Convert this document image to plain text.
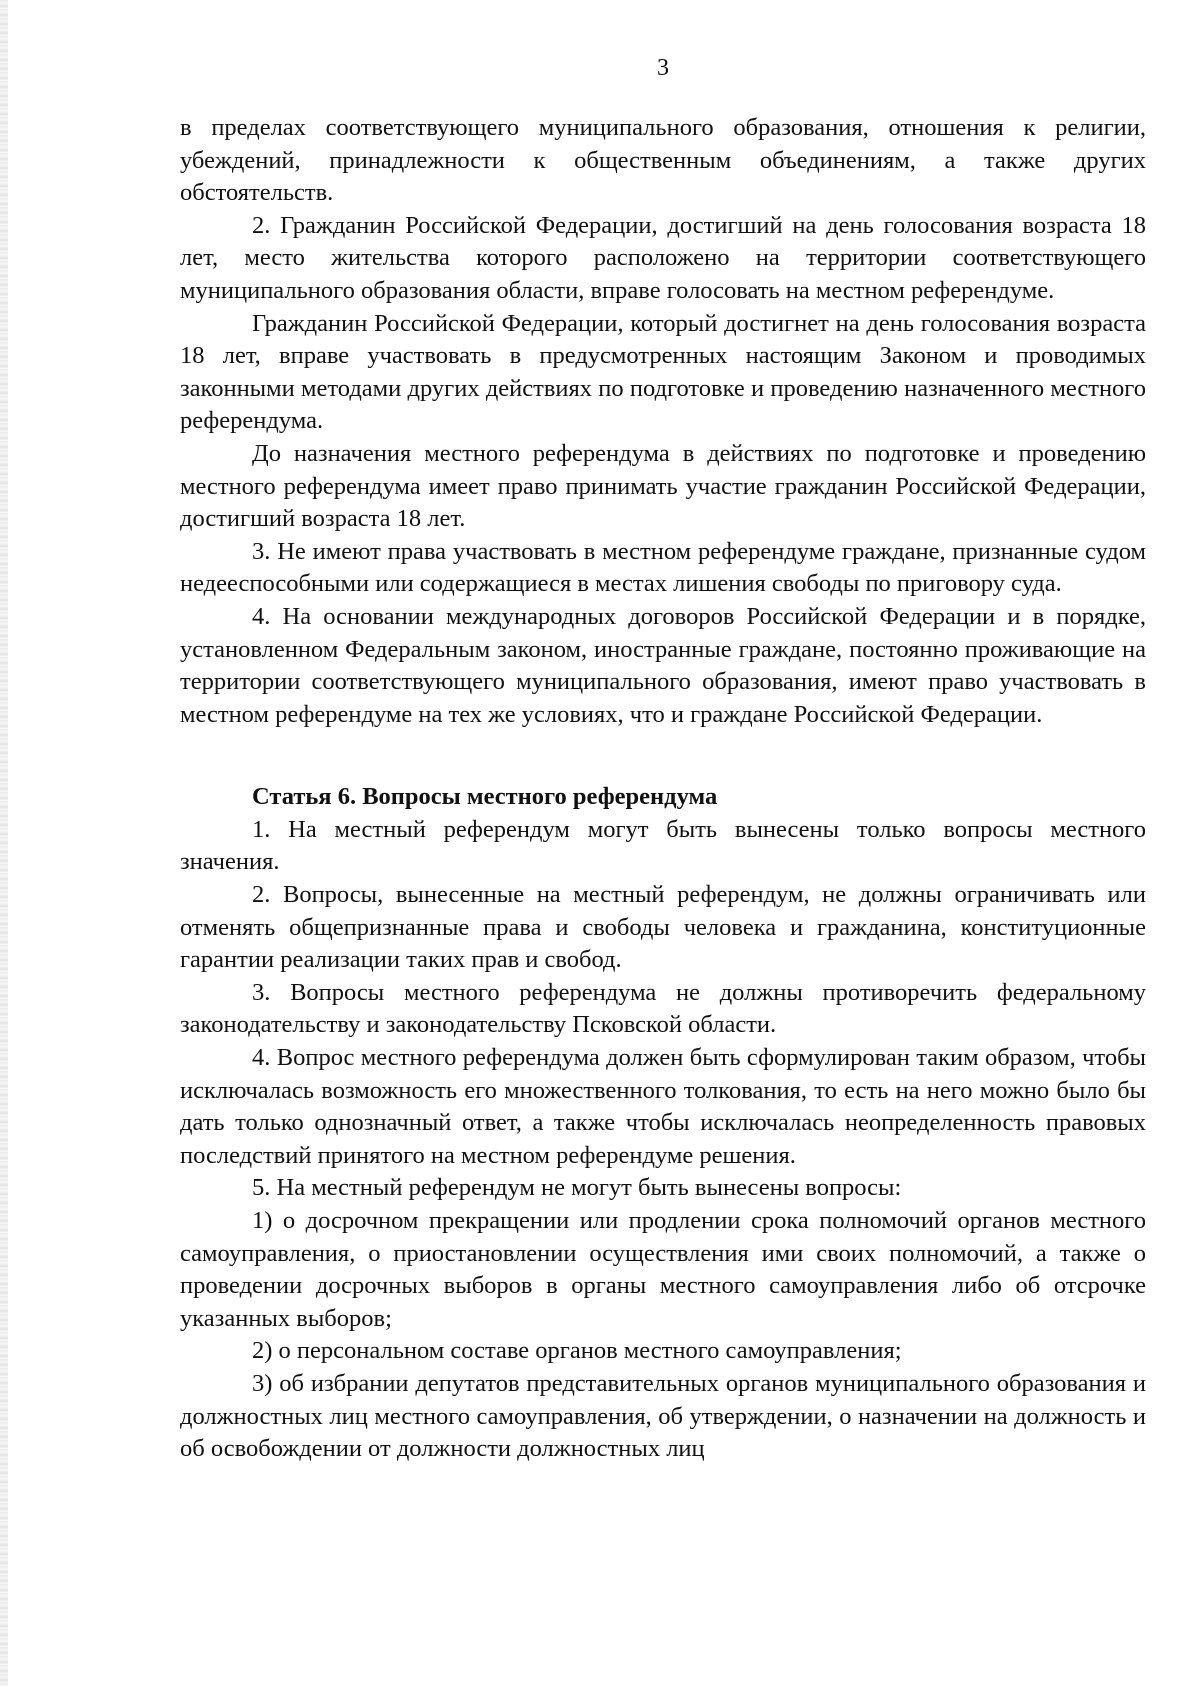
3

в пределах соответствующего муниципального образования, отношения к религии, убеждений, принадлежности к общественным объединениям, а также других обстоятельств.

2. Гражданин Российской Федерации, достигший на день голосования возраста 18 лет, место жительства которого расположено на территории соответствующего муниципального образования области, вправе голосовать на местном референдуме.

Гражданин Российской Федерации, который достигнет на день голосования возраста 18 лет, вправе участвовать в предусмотренных настоящим Законом и проводимых законными методами других действиях по подготовке и проведению назначенного местного референдума.

До назначения местного референдума в действиях по подготовке и проведению местного референдума имеет право принимать участие гражданин Российской Федерации, достигший возраста 18 лет.

3. Не имеют права участвовать в местном референдуме граждане, признанные судом недееспособными или содержащиеся в местах лишения свободы по приговору суда.

4. На основании международных договоров Российской Федерации и в порядке, установленном Федеральным законом, иностранные граждане, постоянно проживающие на территории соответствующего муниципального образования, имеют право участвовать в местном референдуме на тех же условиях, что и граждане Российской Федерации.

Статья 6. Вопросы местного референдума

1. На местный референдум могут быть вынесены только вопросы местного значения.

2. Вопросы, вынесенные на местный референдум, не должны ограничивать или отменять общепризнанные права и свободы человека и гражданина, конституционные гарантии реализации таких прав и свобод.

3. Вопросы местного референдума не должны противоречить федеральному законодательству и законодательству Псковской области.

4. Вопрос местного референдума должен быть сформулирован таким образом, чтобы исключалась возможность его множественного толкования, то есть на него можно было бы дать только однозначный ответ, а также чтобы исключалась неопределенность правовых последствий принятого на местном референдуме решения.

5. На местный референдум не могут быть вынесены вопросы:

1) о досрочном прекращении или продлении срока полномочий органов местного самоуправления, о приостановлении осуществления ими своих полномочий, а также о проведении досрочных выборов в органы местного самоуправления либо об отсрочке указанных выборов;

2) о персональном составе органов местного самоуправления;

3) об избрании депутатов представительных органов муниципального образования и должностных лиц местного самоуправления, об утверждении, о назначении на должность и об освобождении от должности должностных лиц
